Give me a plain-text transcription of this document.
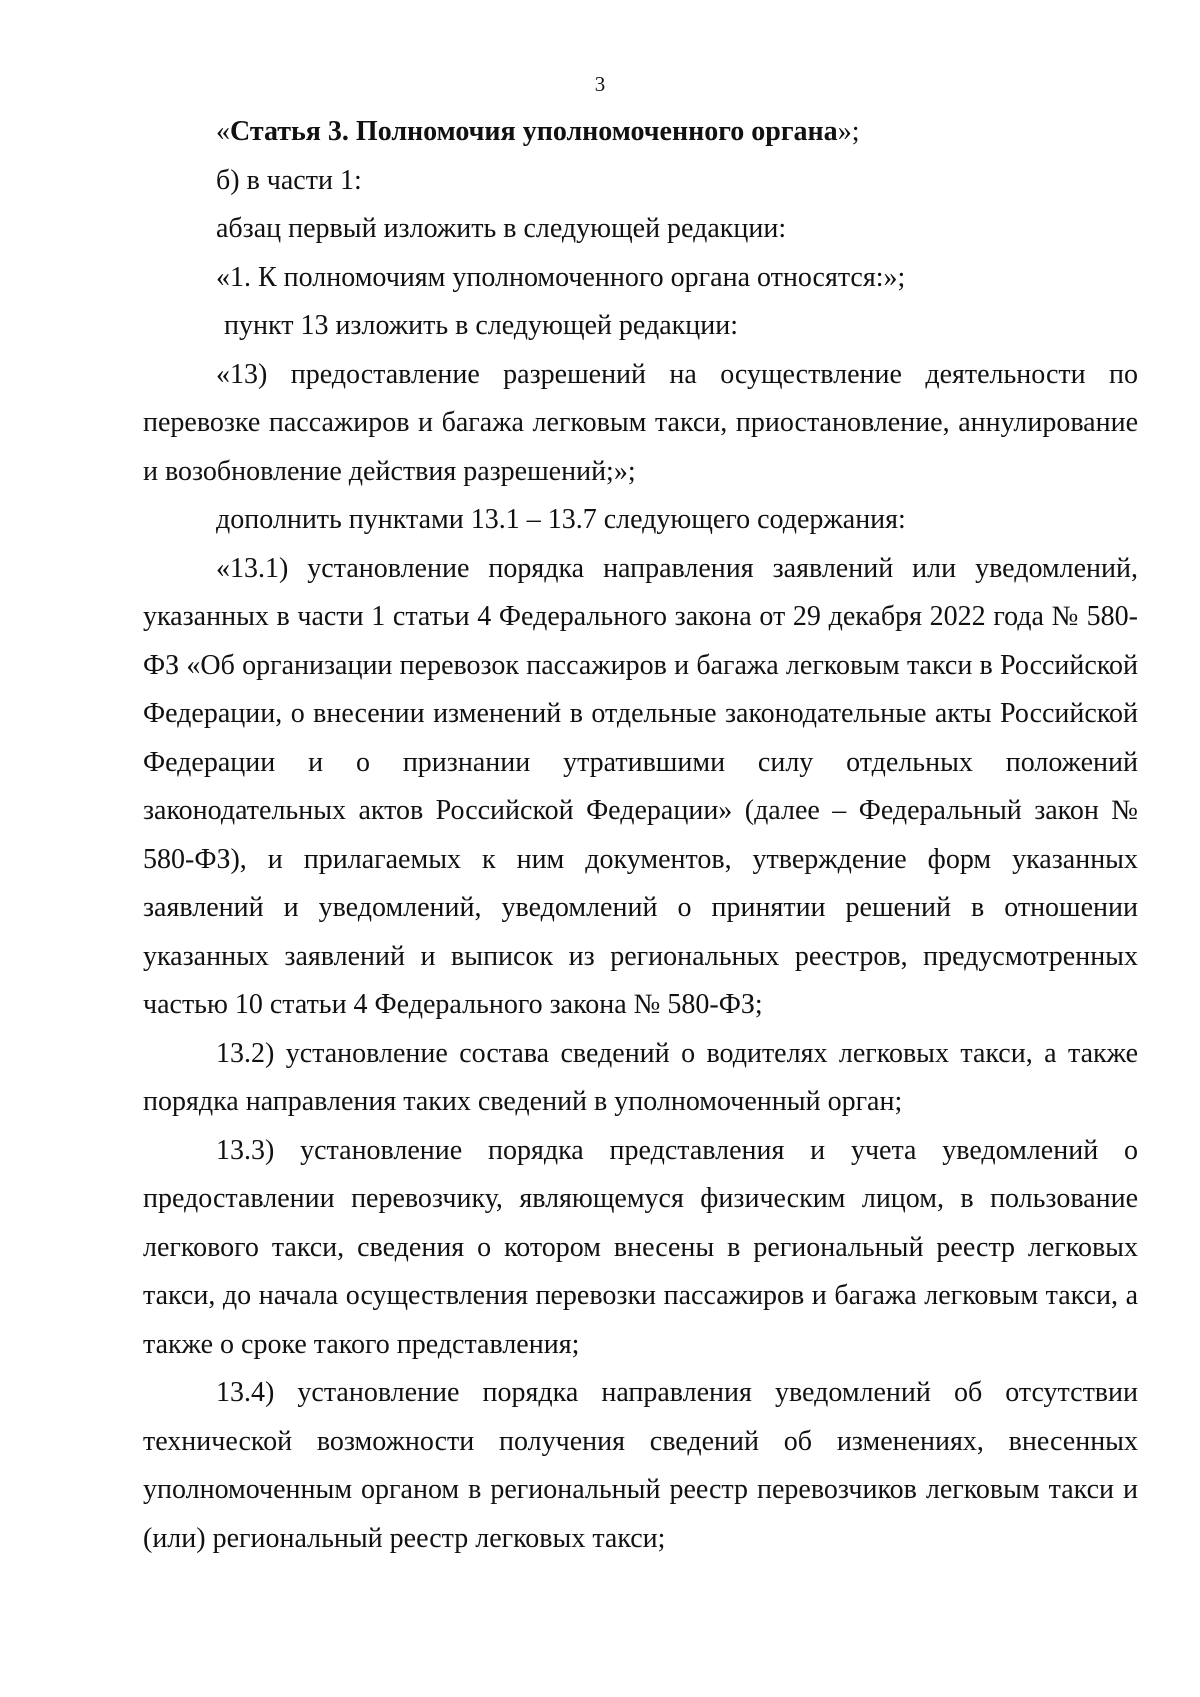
3

«Статья 3. Полномочия уполномоченного органа»;

б) в части 1:

абзац первый изложить в следующей редакции:

«1. К полномочиям уполномоченного органа относятся:»;

пункт 13 изложить в следующей редакции:

«13) предоставление разрешений на осуществление деятельности по перевозке пассажиров и багажа легковым такси, приостановление, аннулирование и возобновление действия разрешений;»;

дополнить пунктами 13.1 – 13.7 следующего содержания:

«13.1) установление порядка направления заявлений или уведомлений, указанных в части 1 статьи 4 Федерального закона от 29 декабря 2022 года № 580-ФЗ «Об организации перевозок пассажиров и багажа легковым такси в Российской Федерации, о внесении изменений в отдельные законодательные акты Российской Федерации и о признании утратившими силу отдельных положений законодательных актов Российской Федерации» (далее – Федеральный закон № 580-ФЗ), и прилагаемых к ним документов, утверждение форм указанных заявлений и уведомлений, уведомлений о принятии решений в отношении указанных заявлений и выписок из региональных реестров, предусмотренных частью 10 статьи 4 Федерального закона № 580-ФЗ;

13.2) установление состава сведений о водителях легковых такси, а также порядка направления таких сведений в уполномоченный орган;

13.3) установление порядка представления и учета уведомлений о предоставлении перевозчику, являющемуся физическим лицом, в пользование легкового такси, сведения о котором внесены в региональный реестр легковых такси, до начала осуществления перевозки пассажиров и багажа легковым такси, а также о сроке такого представления;

13.4) установление порядка направления уведомлений об отсутствии технической возможности получения сведений об изменениях, внесенных уполномоченным органом в региональный реестр перевозчиков легковым такси и (или) региональный реестр легковых такси;
